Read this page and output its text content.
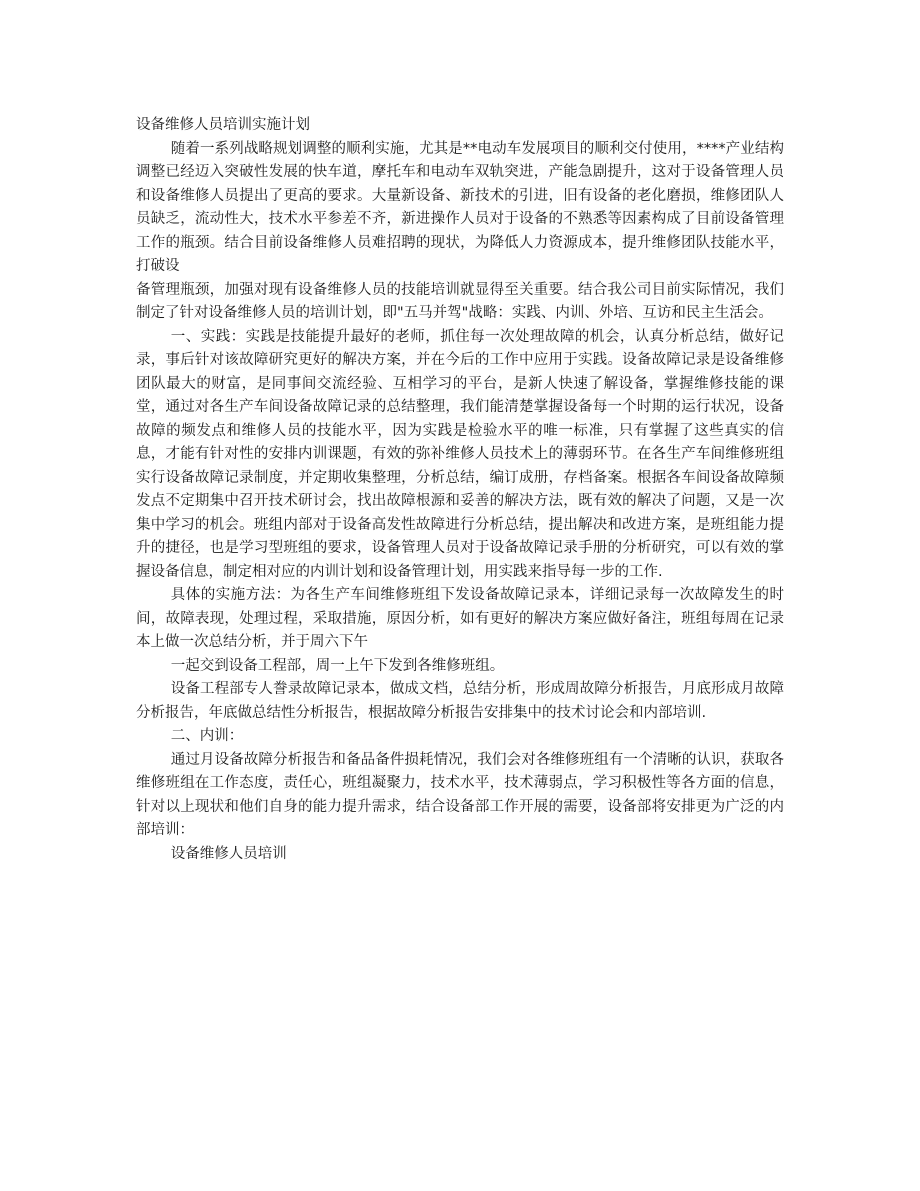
设备维修人员培训实施计划

随着一系列战略规划调整的顺利实施，尤其是**电动车发展项目的顺利交付使用，****产业结构调整已经迈入突破性发展的快车道，摩托车和电动车双轨突进，产能急剧提升，这对于设备管理人员和设备维修人员提出了更高的要求。大量新设备、新技术的引进，旧有设备的老化磨损，维修团队人员缺乏，流动性大，技术水平参差不齐，新进操作人员对于设备的不熟悉等因素构成了目前设备管理工作的瓶颈。结合目前设备维修人员难招聘的现状，为降低人力资源成本，提升维修团队技能水平，打破设

备管理瓶颈，加强对现有设备维修人员的技能培训就显得至关重要。结合我公司目前实际情况，我们制定了针对设备维修人员的培训计划，即"五马并驾"战略：实践、内训、外培、互访和民主生活会。

一、实践：实践是技能提升最好的老师，抓住每一次处理故障的机会，认真分析总结，做好记录，事后针对该故障研究更好的解决方案，并在今后的工作中应用于实践。设备故障记录是设备维修团队最大的财富，是同事间交流经验、互相学习的平台，是新人快速了解设备，掌握维修技能的课堂，通过对各生产车间设备故障记录的总结整理，我们能清楚掌握设备每一个时期的运行状况，设备故障的频发点和维修人员的技能水平，因为实践是检验水平的唯一标准，只有掌握了这些真实的信息，才能有针对性的安排内训课题，有效的弥补维修人员技术上的薄弱环节。在各生产车间维修班组实行设备故障记录制度，并定期收集整理，分析总结，编订成册，存档备案。根据各车间设备故障频发点不定期集中召开技术研讨会，找出故障根源和妥善的解决方法，既有效的解决了问题，又是一次集中学习的机会。班组内部对于设备高发性故障进行分析总结，提出解决和改进方案，是班组能力提升的捷径，也是学习型班组的要求，设备管理人员对于设备故障记录手册的分析研究，可以有效的掌握设备信息，制定相对应的内训计划和设备管理计划，用实践来指导每一步的工作.

具体的实施方法：为各生产车间维修班组下发设备故障记录本，详细记录每一次故障发生的时间，故障表现，处理过程，采取措施，原因分析，如有更好的解决方案应做好备注，班组每周在记录本上做一次总结分析，并于周六下午

一起交到设备工程部，周一上午下发到各维修班组。

设备工程部专人誊录故障记录本，做成文档，总结分析，形成周故障分析报告，月底形成月故障分析报告，年底做总结性分析报告，根据故障分析报告安排集中的技术讨论会和内部培训.

二、内训：

通过月设备故障分析报告和备品备件损耗情况，我们会对各维修班组有一个清晰的认识，获取各维修班组在工作态度，责任心，班组凝聚力，技术水平，技术薄弱点，学习积极性等各方面的信息，针对以上现状和他们自身的能力提升需求，结合设备部工作开展的需要，设备部将安排更为广泛的内部培训：

设备维修人员培训
